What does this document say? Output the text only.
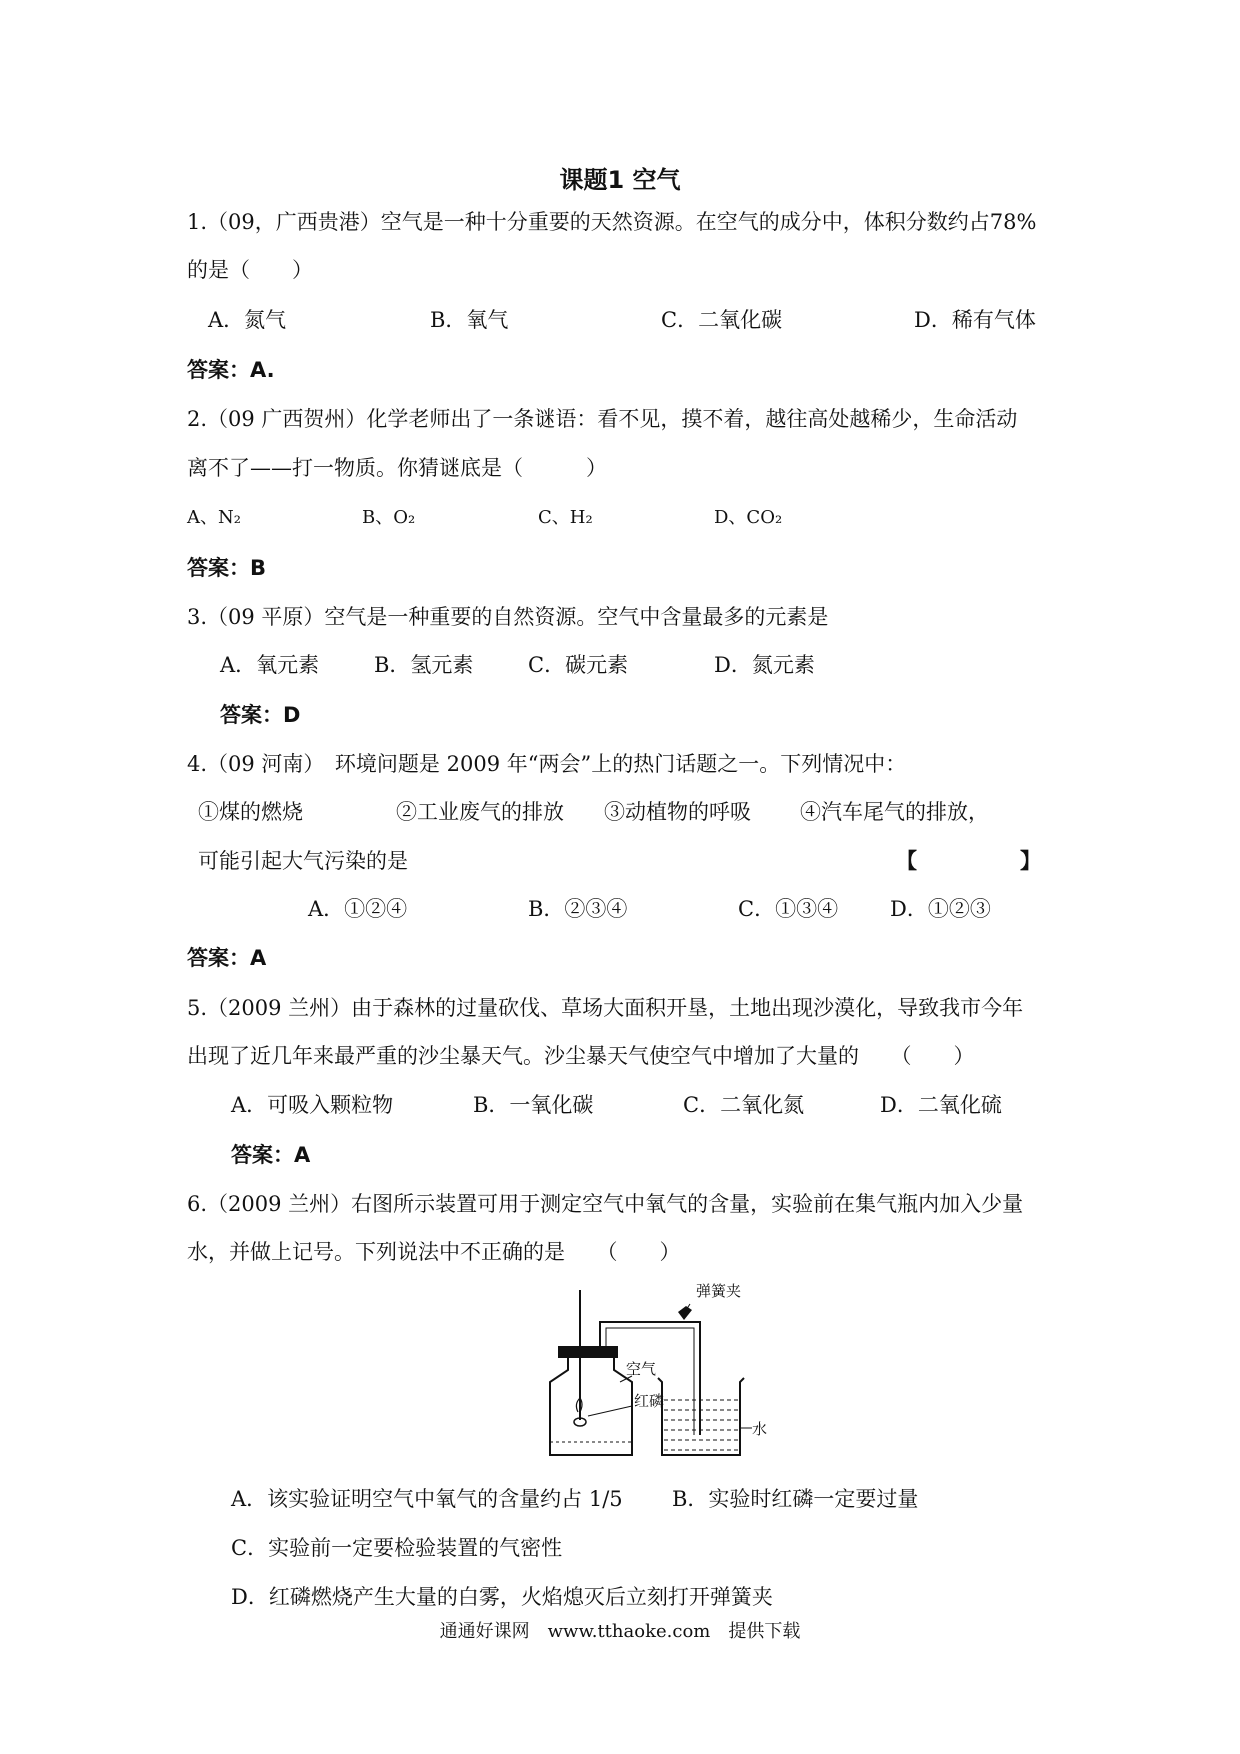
课题1 空气
1.（09，广西贵港）空气是一种十分重要的天然资源。在空气的成分中，体积分数约占78%
的是（　　）
A．氮气	B．氧气	C．二氧化碳	D．稀有气体
答案：A.
2.（09 广西贺州）化学老师出了一条谜语：看不见，摸不着，越往高处越稀少，生命活动
离不了——打一物质。你猜谜底是（　　　）
A、N₂	B、O₂	C、H₂	D、CO₂
答案：B
3.（09 平原）空气是一种重要的自然资源。空气中含量最多的元素是
A．氧元素	B．氢元素	C．碳元素	D．氮元素
答案：D
4.（09 河南）　环境问题是 2009 年“两会”上的热门话题之一。下列情况中：
①煤的燃烧	②工业废气的排放 ③动植物的呼吸 ④汽车尾气的排放，
可能引起大气污染的是	【	】
A．①②④	B．②③④	C．①③④ D．①②③
答案：A
5.（2009 兰州）由于森林的过量砍伐、草场大面积开垦，土地出现沙漠化，导致我市今年
出现了近几年来最严重的沙尘暴天气。沙尘暴天气使空气中增加了大量的　　（　　）
A．可吸入颗粒物	B．一氧化碳	C．二氧化氮	D．二氧化硫
答案：A
6.（2009 兰州）右图所示装置可用于测定空气中氧气的含量，实验前在集气瓶内加入少量
水，并做上记号。下列说法中不正确的是　　（　　）
弹簧夹
空气
红磷
水
A．该实验证明空气中氧气的含量约占 1/5 B．实验时红磷一定要过量
C．实验前一定要检验装置的气密性
D．红磷燃烧产生大量的白雾，火焰熄灭后立刻打开弹簧夹
通通好课网　www.tthaoke.com　提供下载
